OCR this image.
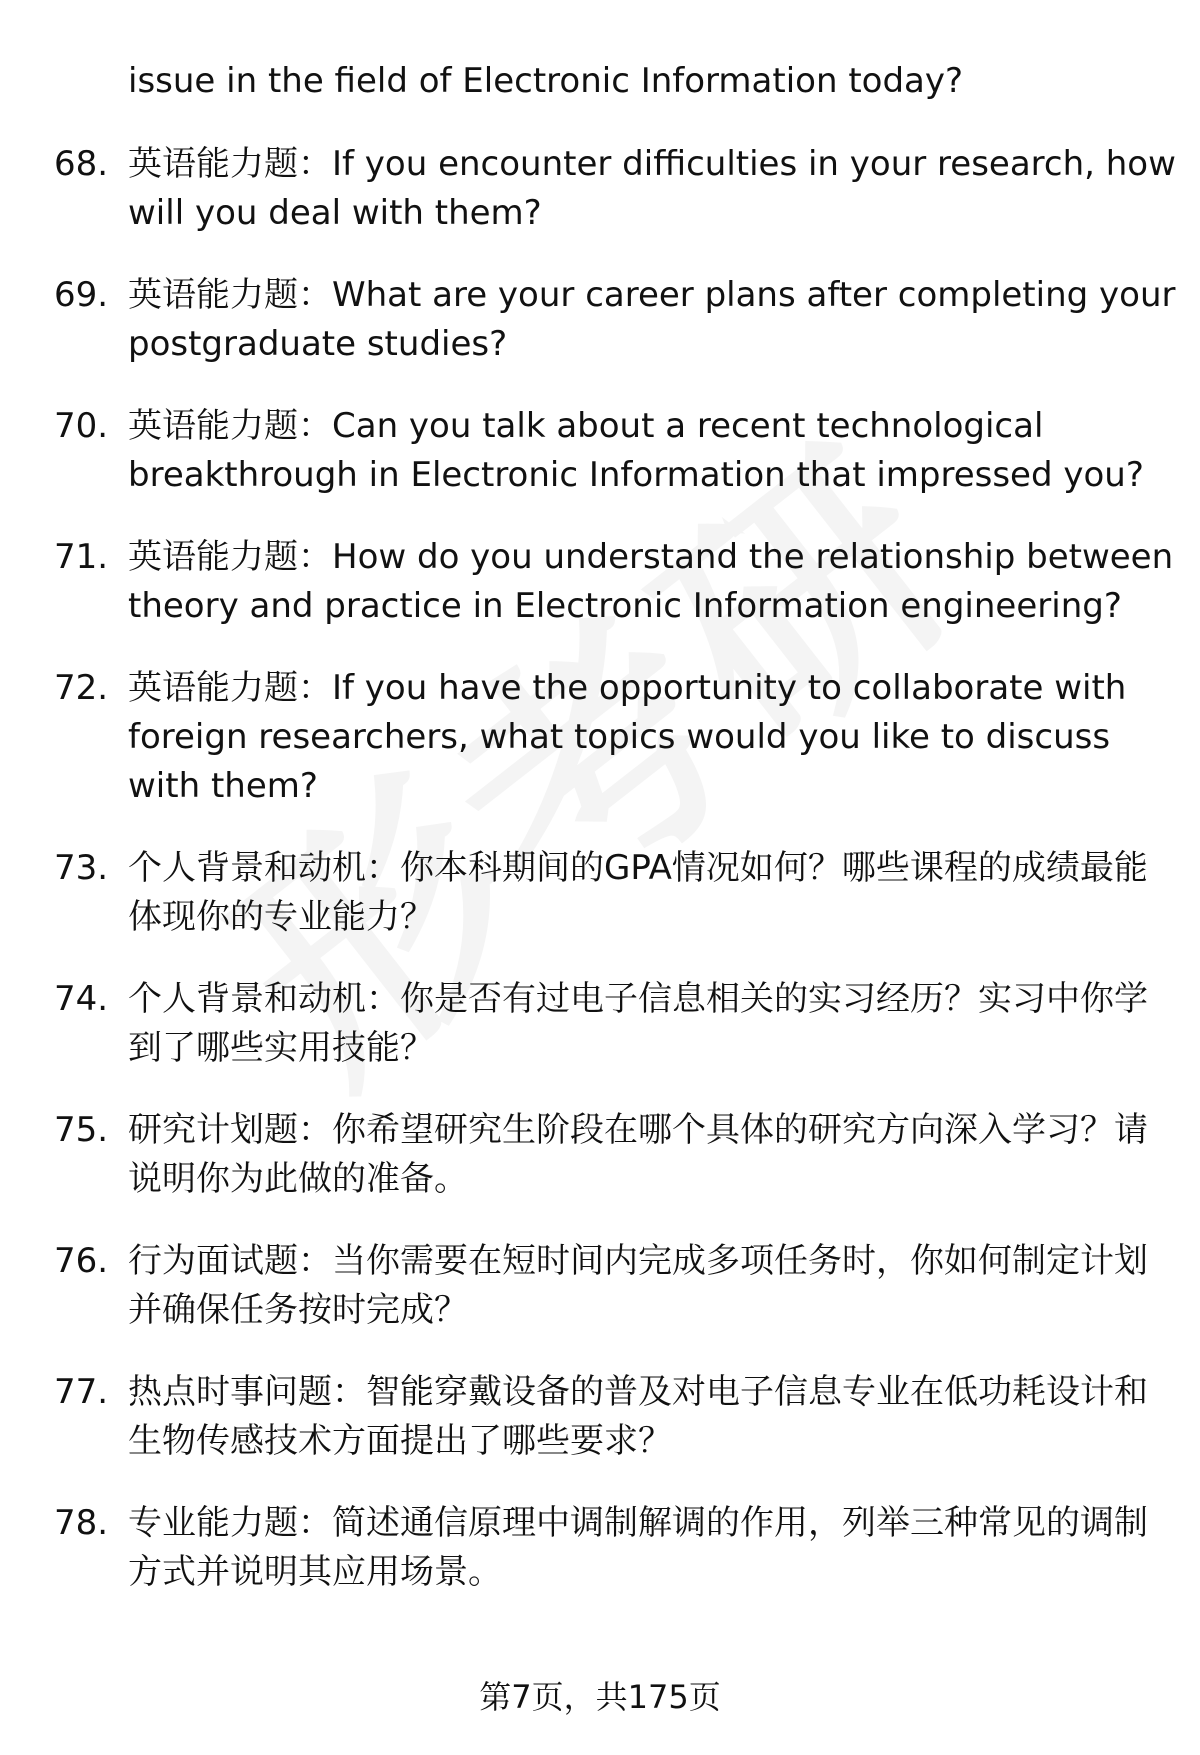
issue in the field of Electronic Information today?
68. 英语能力题：If you encounter difficulties in your research, how will you deal with them?
69. 英语能力题：What are your career plans after completing your postgraduate studies?
70. 英语能力题：Can you talk about a recent technological breakthrough in Electronic Information that impressed you?
71. 英语能力题：How do you understand the relationship between theory and practice in Electronic Information engineering?
72. 英语能力题：If you have the opportunity to collaborate with foreign researchers, what topics would you like to discuss with them?
73. 个人背景和动机：你本科期间的GPA情况如何？哪些课程的成绩最能体现你的专业能力？
74. 个人背景和动机：你是否有过电子信息相关的实习经历？实习中你学到了哪些实用技能？
75. 研究计划题：你希望研究生阶段在哪个具体的研究方向深入学习？请说明你为此做的准备。
76. 行为面试题：当你需要在短时间内完成多项任务时，你如何制定计划并确保任务按时完成？
77. 热点时事问题：智能穿戴设备的普及对电子信息专业在低功耗设计和生物传感技术方面提出了哪些要求？
78. 专业能力题：简述通信原理中调制解调的作用，列举三种常见的调制方式并说明其应用场景。
第7页，共175页
